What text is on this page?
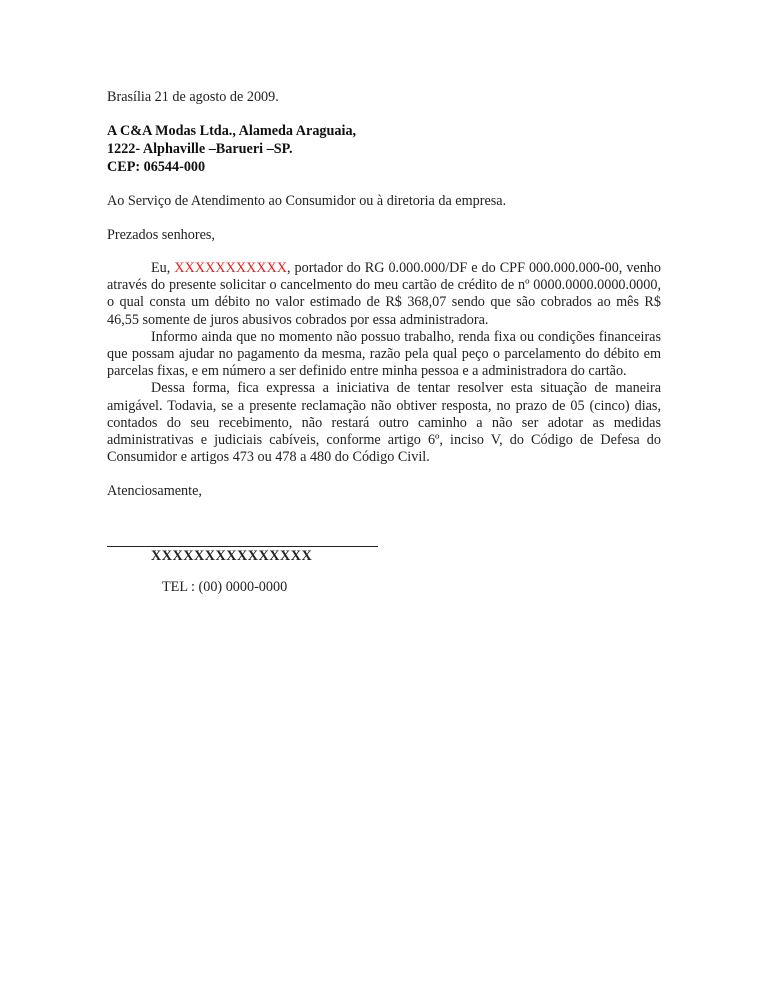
Brasília 21 de agosto de 2009.
A C&A Modas Ltda., Alameda Araguaia,
1222- Alphaville –Barueri –SP.
CEP: 06544-000
Ao Serviço de Atendimento ao Consumidor ou à diretoria da empresa.
Prezados senhores,

Eu, XXXXXXXXXXX, portador do RG 0.000.000/DF e do CPF 000.000.000-00, venho através do presente solicitar o cancelmento do meu cartão de crédito de nº 0000.0000.0000.0000, o qual consta um débito no valor estimado de R$ 368,07 sendo que são cobrados ao mês R$ 46,55 somente de juros abusivos cobrados por essa administradora.

Informo ainda que no momento não possuo trabalho, renda fixa ou condições financeiras que possam ajudar no pagamento da mesma, razão pela qual peço o parcelamento do débito em parcelas fixas, e em número a ser definido entre minha pessoa e a administradora do cartão.

Dessa forma, fica expressa a iniciativa de tentar resolver esta situação de maneira amigável. Todavia, se a presente reclamação não obtiver resposta, no prazo de 05 (cinco) dias, contados do seu recebimento, não restará outro caminho a não ser adotar as medidas administrativas e judiciais cabíveis, conforme artigo 6º, inciso V, do Código de Defesa do Consumidor e artigos 473 ou 478 a 480 do Código Civil.

Atenciosamente,
XXXXXXXXXXXXXXX
TEL : (00) 0000-0000
